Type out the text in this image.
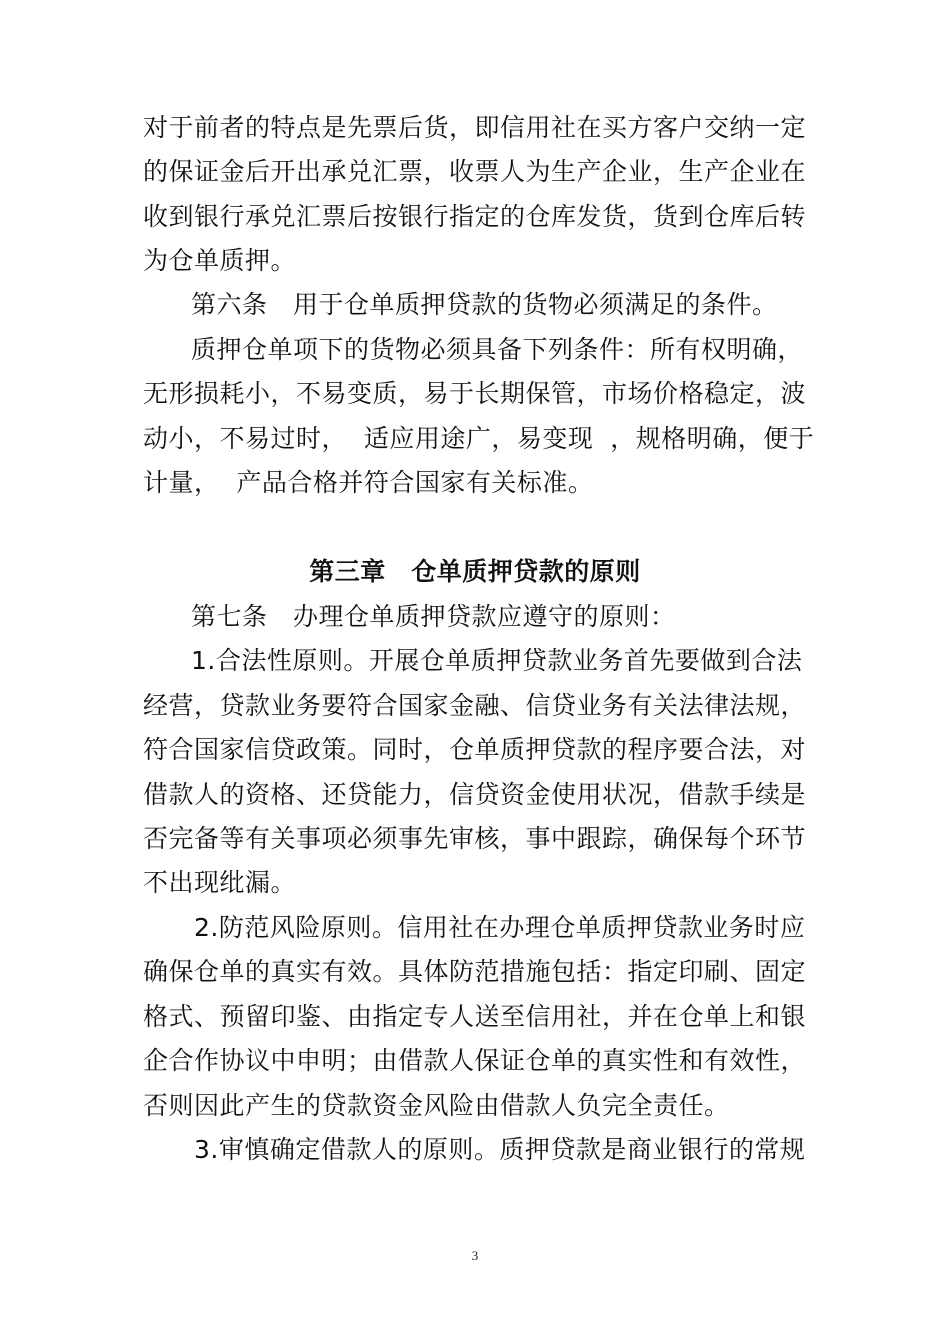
对于前者的特点是先票后货，即信用社在买方客户交纳一定
的保证金后开出承兑汇票，收票人为生产企业，生产企业在
收到银行承兑汇票后按银行指定的仓库发货，货到仓库后转
为仓单质押。
第六条　用于仓单质押贷款的货物必须满足的条件。
质押仓单项下的货物必须具备下列条件：所有权明确，
无形损耗小，不易变质，易于长期保管，市场价格稳定，波
动小，不易过时，  适应用途广，易变现  ，规格明确，便于
计量，  产品合格并符合国家有关标准。
第三章　仓单质押贷款的原则
第七条　办理仓单质押贷款应遵守的原则：
1.合法性原则。开展仓单质押贷款业务首先要做到合法
经营，贷款业务要符合国家金融、信贷业务有关法律法规，
符合国家信贷政策。同时，仓单质押贷款的程序要合法，对
借款人的资格、还贷能力，信贷资金使用状况，借款手续是
否完备等有关事项必须事先审核，事中跟踪，确保每个环节
不出现纰漏。
2.防范风险原则。信用社在办理仓单质押贷款业务时应
确保仓单的真实有效。具体防范措施包括：指定印刷、固定
格式、预留印鉴、由指定专人送至信用社，并在仓单上和银
企合作协议中申明；由借款人保证仓单的真实性和有效性，
否则因此产生的贷款资金风险由借款人负完全责任。
3.审慎确定借款人的原则。质押贷款是商业银行的常规
3
